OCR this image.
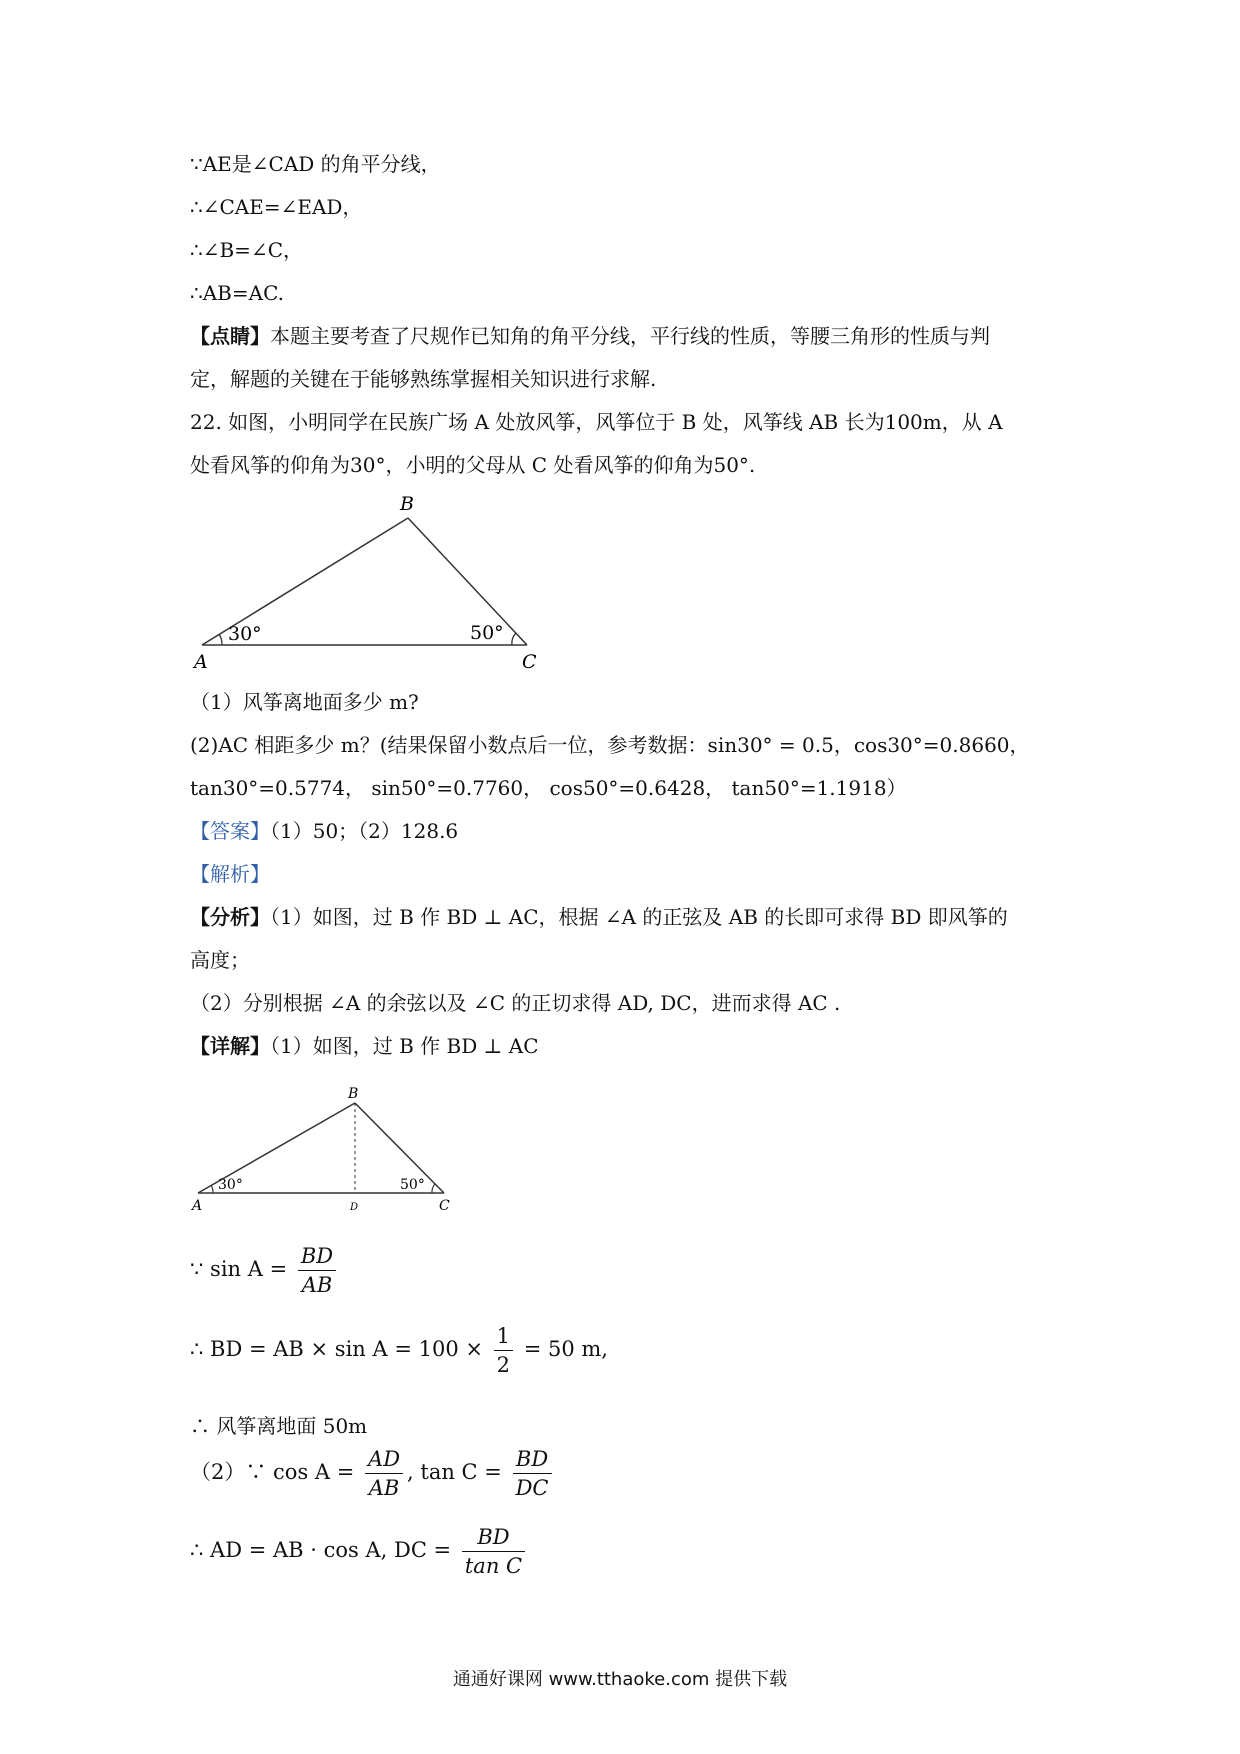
∵AE是∠CAD 的角平分线，
∴∠CAE=∠EAD，
∴∠B=∠C，
∴AB=AC.
【点睛】本题主要考查了尺规作已知角的角平分线，平行线的性质，等腰三角形的性质与判
定，解题的关键在于能够熟练掌握相关知识进行求解.
22. 如图，小明同学在民族广场 A 处放风筝，风筝位于 B 处，风筝线 AB 长为100m，从 A
处看风筝的仰角为30°，小明的父母从 C 处看风筝的仰角为50°.
A
B
C
30°	50°
（1）风筝离地面多少 m?
(2)AC 相距多少 m？(结果保留小数点后一位，参考数据：sin30° = 0.5，cos30°=0.8660，
tan30°=0.5774， sin50°=0.7760， cos50°=0.6428， tan50°=1.1918）
【答案】（1）50；（2）128.6
【解析】
【分析】（1）如图，过 B 作 BD ⊥ AC，根据 ∠A 的正弦及 AB 的长即可求得 BD 即风筝的
高度；
（2）分别根据 ∠A 的余弦以及 ∠C 的正切求得 AD, DC，进而求得 AC .
【详解】（1）如图，过 B 作 BD ⊥ AC
A
B
C
D
30°	50°
∵ $\sin A = \frac{BD}{AB}$
∴ BD = AB × $\sin A = 100 \times \frac{1}{2} = 50$ m,
∴ 风筝离地面 50m
（2）∵ $\cos A = \frac{AD}{AB}$ , $\tan C = \frac{BD}{DC}$
∴ AD = AB · cos A, DC = $\frac{BD}{\text{tan C}}$
通通好课网 www.tthaoke.com 提供下载
